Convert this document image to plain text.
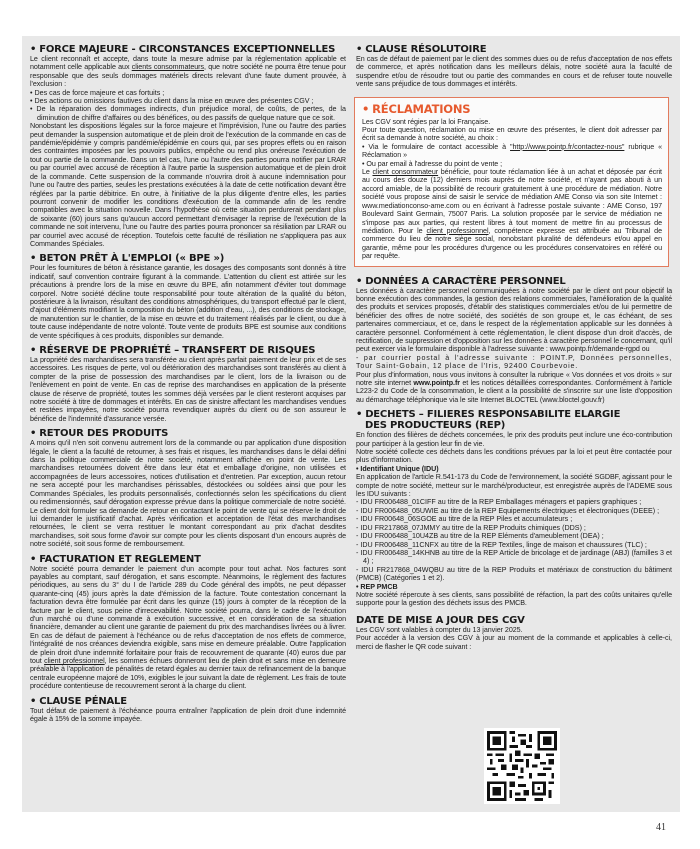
• FORCE MAJEURE - CIRCONSTANCES EXCEPTIONNELLES

Le client reconnaît et accepte, dans toute la mesure admise par la réglementation applicable et notamment celle applicable aux clients consommateurs, que notre société ne pourra être tenue pour responsable que des seuls dommages matériels directs relevant d'une faute dument prouvée, à l'exclusion :

• Des cas de force majeure et cas fortuits ;
• Des actions ou omissions fautives du client dans la mise en œuvre des présentes CGV ;
• De la réparation des dommages indirects, d'un préjudice moral, de coûts, de pertes, de la diminution de chiffre d'affaires ou des bénéfices, ou des passifs de quelque nature que ce soit.

Nonobstant les dispositions légales sur la force majeure et l'imprévision, l'une ou l'autre des parties peut demander la suspension automatique et de plein droit de l'exécution de la commande en cas de pandémie/épidémie y compris pandémie/épidémie en cours qui, par ses propres effets ou en raison des contraintes imposées par les pouvoirs publics, empêche ou rend plus onéreuse l'exécution de tout ou partie de la commande. Dans un tel cas, l'une ou l'autre des parties pourra notifier par LRAR ou par courriel avec accusé de réception à l'autre partie la suspension automatique et de plein droit de la commande. Cette suspension de la commande n'ouvrira droit à aucune indemnisation pour l'une ou l'autre des parties, seules les prestations exécutées à la date de cette notification devant être réglées par la partie débitrice. En outre, à l'initiative de la plus diligente d'entre elles, les parties pourront convenir de modifier les conditions d'exécution de la commande afin de les rendre compatibles avec la situation nouvelle. Dans l'hypothèse où cette situation perdurerait pendant plus de soixante (60) jours sans qu'aucun accord permettant d'envisager la reprise de l'exécution de la commande ne soit intervenu, l'une ou l'autre des parties pourra prononcer sa résiliation par LRAR ou par courriel avec accusé de réception. Toutefois cette faculté de résiliation ne s'appliquera pas aux Commandes Spéciales.

• BETON PRÊT À L'EMPLOI (« BPE »)

Pour les fournitures de béton à résistance garantie, les dosages des composants sont donnés à titre indicatif, sauf convention contraire figurant à la commande. L'attention du client est attirée sur les précautions à prendre lors de la mise en œuvre du BPE, afin notamment d'éviter tout dommage corporel. Notre société décline toute responsabilité pour toute altération de la qualité du béton, postérieure à la livraison, résultant des conditions atmosphériques, du transport effectué par le client, d'ajout d'éléments modifiant la composition du béton (addition d'eau, ...), des conditions de stockage, de manutention sur le chantier, de la mise en œuvre et du traitement réalisés par le client, ou due à toute cause indépendante de notre volonté. Toute vente de produits BPE est soumise aux conditions de vente spécifiques à ces produits, disponibles sur demande.

• RÉSERVE DE PROPRIÉTÉ – TRANSFERT DE RISQUES

La propriété des marchandises sera transférée au client après parfait paiement de leur prix et de ses accessoires. Les risques de perte, vol ou détérioration des marchandises sont transférés au client à compter de la prise de possession des marchandises par le client, lors de la livraison ou de l'enlèvement en point de vente. En cas de reprise des marchandises en application de la présente clause de réserve de propriété, toutes les sommes déjà versées par le client resteront acquises par notre société à titre de dommages et intérêts. En cas de sinistre affectant les marchandises vendues et restées impayées, notre société pourra revendiquer auprès du client ou de son assureur le bénéfice de l'indemnité d'assurance versée.

• RETOUR DES PRODUITS

A moins qu'il n'en soit convenu autrement lors de la commande ou par application d'une disposition légale, le client a la faculté de retourner, à ses frais et risques, les marchandises dans le délai défini dans la politique commerciale de notre société, notamment affichée en point de vente. Les marchandises retournées doivent être dans leur état et emballage d'origine, non utilisées et accompagnées de leurs accessoires, notices d'utilisation et d'entretien. Par exception, aucun retour ne sera accepté pour les marchandises périssables, déstockées ou soldées ainsi que pour les Commandes Spéciales, les produits personnalisés, confectionnés selon les spécifications du client ou redimensionnés, sauf dérogation expresse prévue dans la politique commerciale de notre société. Le client doit formuler sa demande de retour en contactant le point de vente qui se réserve le droit de lui demander le justificatif d'achat. Après vérification et acceptation de l'état des marchandises retournées, le client se verra restituer le montant correspondant au prix d'achat desdites marchandises, soit sous forme d'avoir sur compte pour les clients disposant d'un encours auprès de notre société, soit sous forme de remboursement.

• FACTURATION ET REGLEMENT

Notre société pourra demander le paiement d'un acompte pour tout achat. Nos factures sont payables au comptant, sauf dérogation, et sans escompte. Néanmoins, le règlement des factures périodiques, au sens du 3° du I de l'article 289 du Code général des impôts, ne peut dépasser quarante-cinq (45) jours après la date d'émission de la facture. Toute contestation concernant la facturation devra être formulée par écrit dans les quinze (15) jours à compter de la réception de la facture par le client, sous peine d'irrecevabilité. Notre société pourra, dans le cadre de l'exécution d'un marché ou d'une commande à exécution successive, et en considération de sa situation financière, demander au client une garantie de paiement du prix des marchandises livrées ou à livrer. En cas de défaut de paiement à l'échéance ou de refus d'acceptation de nos effets de commerce, l'intégralité de nos créances deviendra exigible, sans mise en demeure préalable. Outre l'application de plein droit d'une indemnité forfaitaire pour frais de recouvrement de quarante (40) euros due par tout client professionnel, les sommes échues donneront lieu de plein droit et sans mise en demeure préalable à l'application de pénalités de retard égales au dernier taux de refinancement de la banque centrale européenne majoré de 10%, exigibles le jour suivant la date de règlement. Les frais de toute procédure contentieuse de recouvrement seront à la charge du client.

• CLAUSE PÉNALE

Tout défaut de paiement à l'échéance pourra entraîner l'application de plein droit d'une indemnité égale à 15% de la somme impayée.

• CLAUSE RÉSOLUTOIRE

En cas de défaut de paiement par le client des sommes dues ou de refus d'acceptation de nos effets de commerce, et après notification dans les meilleurs délais, notre société aura la faculté de suspendre et/ou de résoudre tout ou partie des commandes en cours et de refuser toute nouvelle vente sans préjudice de tous dommages et intérêts.

• RÉCLAMATIONS

Les CGV sont régies par la loi Française.

Pour toute question, réclamation ou mise en œuvre des présentes, le client doit adresser par écrit sa demande à notre société, au choix :

• Via le formulaire de contact accessible à "http://www.pointp.fr/contactez-nous" rubrique « Réclamation »

• Ou par email à l'adresse du point de vente ;

Le client consommateur bénéficie, pour toute réclamation liée à un achat et déposée par écrit au cours des douze (12) derniers mois auprès de notre société, et n'ayant pas abouti à un accord amiable, de la possibilité de recourir gratuitement à une procédure de médiation. Notre société vous propose ainsi de saisir le service de médiation AME Conso via son site Internet : www.mediationconso-ame.com ou en écrivant à l'adresse postale suivante : AME Conso, 197 Boulevard Saint Germain, 75007 Paris. La solution proposée par le service de médiation ne s'impose pas aux parties, qui restent libres à tout moment de mettre fin au processus de médiation. Pour le client professionnel, compétence expresse est attribuée au Tribunal de commerce du lieu de notre siège social, nonobstant pluralité de défendeurs et/ou appel en garantie, même pour les procédures d'urgence ou les procédures conservatoires en référé ou par requête.

• DONNÉES A CARACTÈRE PERSONNEL

Les données à caractère personnel communiquées à notre société par le client ont pour objectif la bonne exécution des commandes, la gestion des relations commerciales, l'amélioration de la qualité des produits et services proposés, d'établir des statistiques commerciales et/ou de lui permettre de bénéficier des offres de notre société, des sociétés de son groupe et, le cas échéant, de ses partenaires commerciaux, et ce, dans le respect de la réglementation applicable sur les données à caractère personnel. Conformément à cette réglementation, le client dispose d'un droit d'accès, de rectification, de suppression et d'opposition sur les données à caractère personnel le concernant, qu'il peut exercer via le formulaire disponible à l'adresse suivante : www.pointp.fr/demande-rgpd ou

- par courrier postal à l'adresse suivante : POINT.P, Données personnelles, Tour Saint-Gobain, 12 place de l'Iris, 92400 Courbevoie.

Pour plus d'information, nous vous invitons à consulter la rubrique « Vos données et vos droits » sur notre site internet www.pointp.fr et les notices détaillées correspondantes. Conformément à l'article L223-2 du Code de la consommation, le client a la possibilité de s'inscrire sur une liste d'opposition au démarchage téléphonique via le site Internet BLOCTEL (www.bloctel.gouv.fr)

• DECHETS – FILIERES RESPONSABILITE ELARGIE
DES PRODUCTEURS (REP)

En fonction des filières de déchets concernées, le prix des produits peut inclure une éco-contribution pour participer à la gestion leur fin de vie.

Notre société collecte ces déchets dans les conditions prévues par la loi et peut être contactée pour plus d'information.

• Identifiant Unique (IDU)

En application de l'article R.541-173 du Code de l'environnement, la société SGDBF, agissant pour le compte de notre société, metteur sur le marché/producteur, est enregistrée auprès de l'ADEME sous les IDU suivants :

- IDU FR006488_01CIFF au titre de la REP Emballages ménagers et papiers graphiques ;
- IDU FR006488_05UWIE au titre de la REP Equipements électriques et électroniques (DEEE) ;
- IDU FR00648_06SGOE au titre de la REP Piles et accumulateurs ;
- IDU FR217868_07JMMY au titre de la REP Produits chimiques (DDS) ;
- IDU FR006488_10U4ZB au titre de la REP Eléments d'ameublement (DEA) ;
- IDU FR006488_11CNFX au titre de la REP Textiles, linge de maison et chaussures (TLC) ;
- IDU FR006488_14KHNB au titre de la REP Article de bricolage et de jardinage (ABJ) (familles 3 et 4) ;
- IDU FR217868_04WQBU au titre de la REP Produits et matériaux de construction du bâtiment (PMCB) (Catégories 1 et 2).

• REP PMCB

Notre société répercute à ses clients, sans possibilité de réfaction, la part des coûts unitaires qu'elle supporte pour la gestion des déchets issus des PMCB.

DATE DE MISE A JOUR DES CGV

Les CGV sont valables à compter du 13 janvier 2025.

Pour accéder à la version des CGV à jour au moment de la commande et applicables à celle-ci, merci de flasher le QR code suivant :

41
